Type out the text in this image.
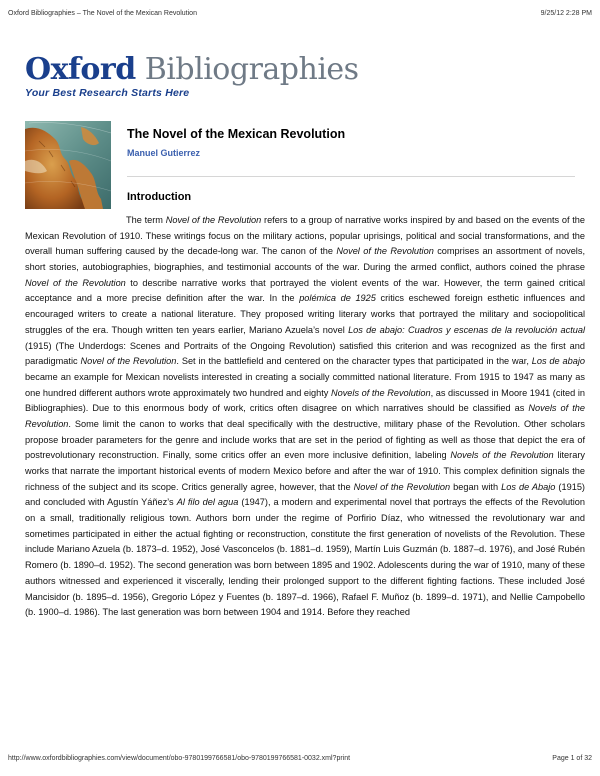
Oxford Bibliographies – The Novel of the Mexican Revolution	9/25/12 2:28 PM
Oxford Bibliographies
Your Best Research Starts Here
The Novel of the Mexican Revolution
Manuel Gutierrez
Introduction

The term Novel of the Revolution refers to a group of narrative works inspired by and based on the events of the Mexican Revolution of 1910. These writings focus on the military actions, popular uprisings, political and social transformations, and the overall human suffering caused by the decade-long war. The canon of the Novel of the Revolution comprises an assortment of novels, short stories, autobiographies, biographies, and testimonial accounts of the war. During the armed conflict, authors coined the phrase Novel of the Revolution to describe narrative works that portrayed the violent events of the war. However, the term gained critical acceptance and a more precise definition after the war. In the polémica de 1925 critics eschewed foreign esthetic influences and encouraged writers to create a national literature. They proposed writing literary works that portrayed the military and sociopolitical struggles of the era. Though written ten years earlier, Mariano Azuela’s novel Los de abajo: Cuadros y escenas de la revolución actual (1915) (The Underdogs: Scenes and Portraits of the Ongoing Revolution) satisfied this criterion and was recognized as the first and paradigmatic Novel of the Revolution. Set in the battlefield and centered on the character types that participated in the war, Los de abajo became an example for Mexican novelists interested in creating a socially committed national literature. From 1915 to 1947 as many as one hundred different authors wrote approximately two hundred and eighty Novels of the Revolution, as discussed in Moore 1941 (cited in Bibliographies). Due to this enormous body of work, critics often disagree on which narratives should be classified as Novels of the Revolution. Some limit the canon to works that deal specifically with the destructive, military phase of the Revolution. Other scholars propose broader parameters for the genre and include works that are set in the period of fighting as well as those that depict the era of postrevolutionary reconstruction. Finally, some critics offer an even more inclusive definition, labeling Novels of the Revolution literary works that narrate the important historical events of modern Mexico before and after the war of 1910. This complex definition signals the richness of the subject and its scope. Critics generally agree, however, that the Novel of the Revolution began with Los de Abajo (1915) and concluded with Agustín Yáñez’s Al filo del agua (1947), a modern and experimental novel that portrays the effects of the Revolution on a small, traditionally religious town. Authors born under the regime of Porfirio Díaz, who witnessed the revolutionary war and sometimes participated in either the actual fighting or reconstruction, constitute the first generation of novelists of the Revolution. These include Mariano Azuela (b. 1873–d. 1952), José Vasconcelos (b. 1881–d. 1959), Martín Luis Guzmán (b. 1887–d. 1976), and José Rubén Romero (b. 1890–d. 1952). The second generation was born between 1895 and 1902. Adolescents during the war of 1910, many of these authors witnessed and experienced it viscerally, lending their prolonged support to the different fighting factions. These included José Mancisidor (b. 1895–d. 1956), Gregorio López y Fuentes (b. 1897–d. 1966), Rafael F. Muñoz (b. 1899–d. 1971), and Nellie Campobello (b. 1900–d. 1986). The last generation was born between 1904 and 1914. Before they reached

http://www.oxfordbibliographies.com/view/document/obo-9780199766581/obo-9780199766581-0032.xml?print	Page 1 of 32
